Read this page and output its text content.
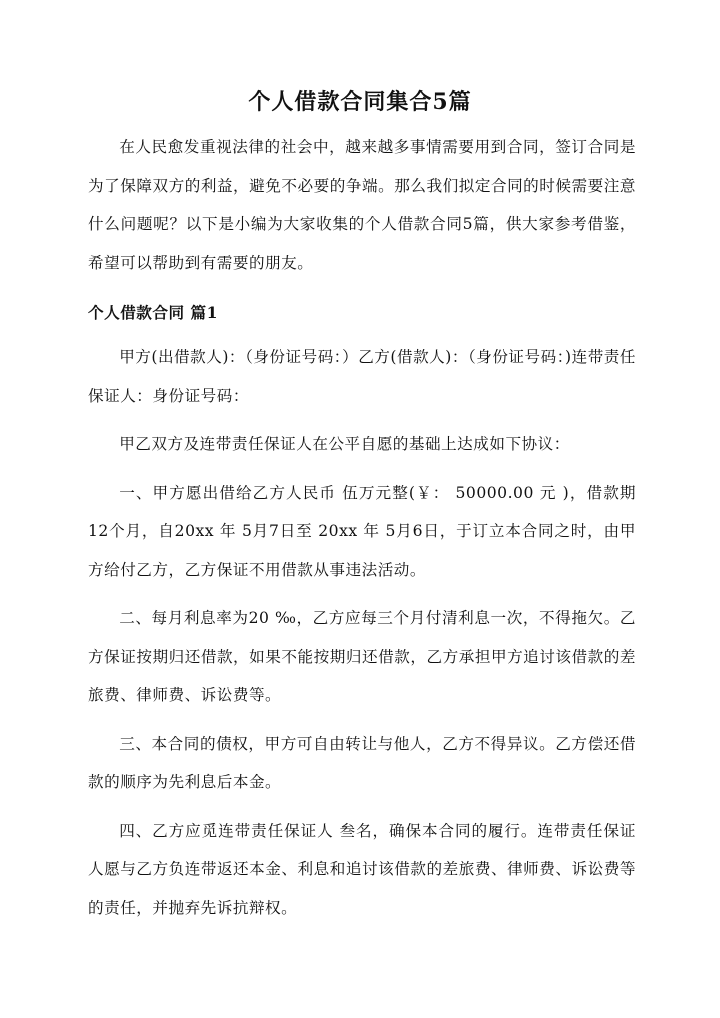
个人借款合同集合5篇

在人民愈发重视法律的社会中，越来越多事情需要用到合同，签订合同是为了保障双方的利益，避免不必要的争端。那么我们拟定合同的时候需要注意什么问题呢？以下是小编为大家收集的个人借款合同5篇，供大家参考借鉴，希望可以帮助到有需要的朋友。

个人借款合同 篇1

甲方(出借款人)：（身份证号码：）乙方(借款人)：（身份证号码：)连带责任保证人：身份证号码：

甲乙双方及连带责任保证人在公平自愿的基础上达成如下协议：

一、甲方愿出借给乙方人民币 伍万元整(￥： 50000.00 元 )，借款期12个月，自20xx 年 5月7日至 20xx 年 5月6日，于订立本合同之时，由甲方给付乙方，乙方保证不用借款从事违法活动。

二、每月利息率为20 ‰，乙方应每三个月付清利息一次，不得拖欠。乙方保证按期归还借款，如果不能按期归还借款，乙方承担甲方追讨该借款的差旅费、律师费、诉讼费等。

三、本合同的债权，甲方可自由转让与他人，乙方不得异议。乙方偿还借款的顺序为先利息后本金。

四、乙方应觅连带责任保证人 叁名，确保本合同的履行。连带责任保证人愿与乙方负连带返还本金、利息和追讨该借款的差旅费、律师费、诉讼费等的责任，并抛弃先诉抗辩权。
